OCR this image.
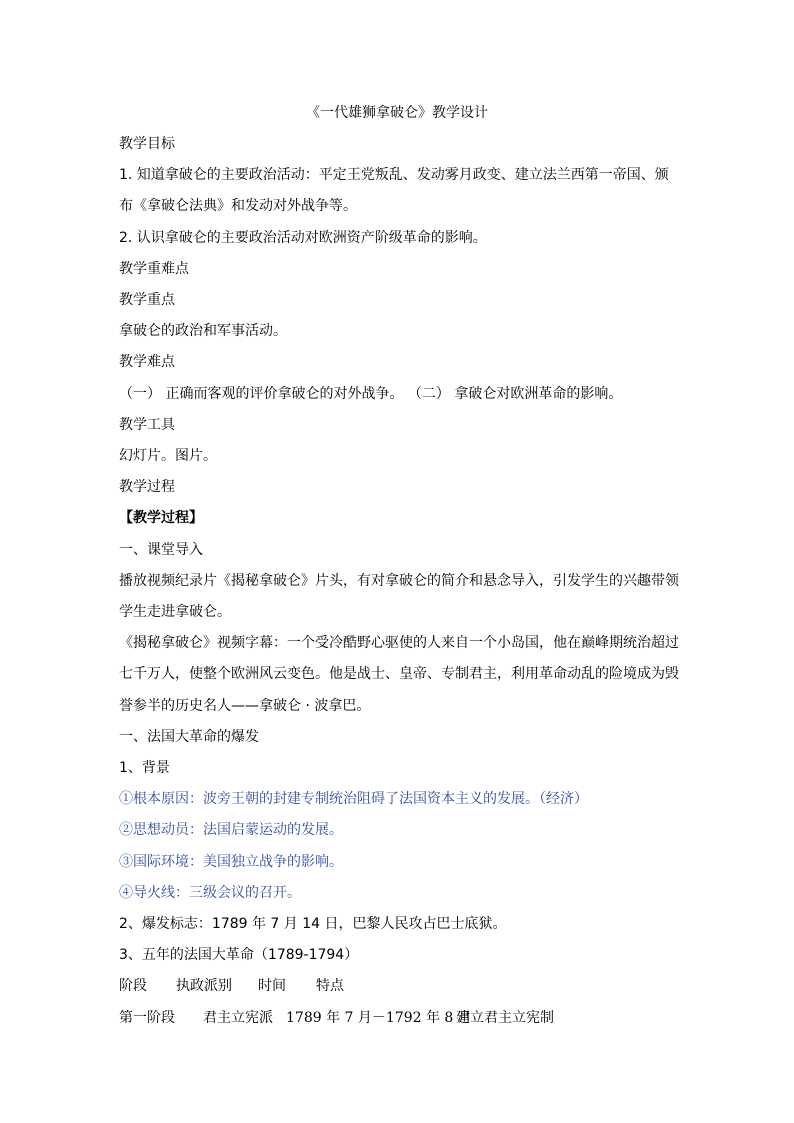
《一代雄狮拿破仑》教学设计
教学目标
1. 知道拿破仑的主要政治活动：平定王党叛乱、发动雾月政变、建立法兰西第一帝国、颁
布《拿破仑法典》和发动对外战争等。
2. 认识拿破仑的主要政治活动对欧洲资产阶级革命的影响。
教学重难点
教学重点
拿破仑的政治和军事活动。
教学难点
（一） 正确而客观的评价拿破仑的对外战争。 （二） 拿破仑对欧洲革命的影响。
教学工具
幻灯片。图片。
教学过程
【教学过程】
一、课堂导入
播放视频纪录片《揭秘拿破仑》片头，有对拿破仑的简介和悬念导入，引发学生的兴趣带领
学生走进拿破仑。
《揭秘拿破仑》视频字幕：一个受冷酷野心驱使的人来自一个小岛国，他在巅峰期统治超过
七千万人，使整个欧洲风云变色。他是战士、皇帝、专制君主，利用革命动乱的险境成为毁
誉参半的历史名人——拿破仑 · 波拿巴。
一、法国大革命的爆发
1、背景
①根本原因：波旁王朝的封建专制统治阻碍了法国资本主义的发展。（经济）
②思想动员：法国启蒙运动的发展。
③国际环境：美国独立战争的影响。
④导火线：三级会议的召开。
2、爆发标志：1789 年 7 月 14 日，巴黎人民攻占巴士底狱。
3、五年的法国大革命（1789-1794）
阶段 执政派别 时间 特点
第一阶段 君主立宪派 1789 年 7 月－1792 年 8 月
建立君主立宪制
